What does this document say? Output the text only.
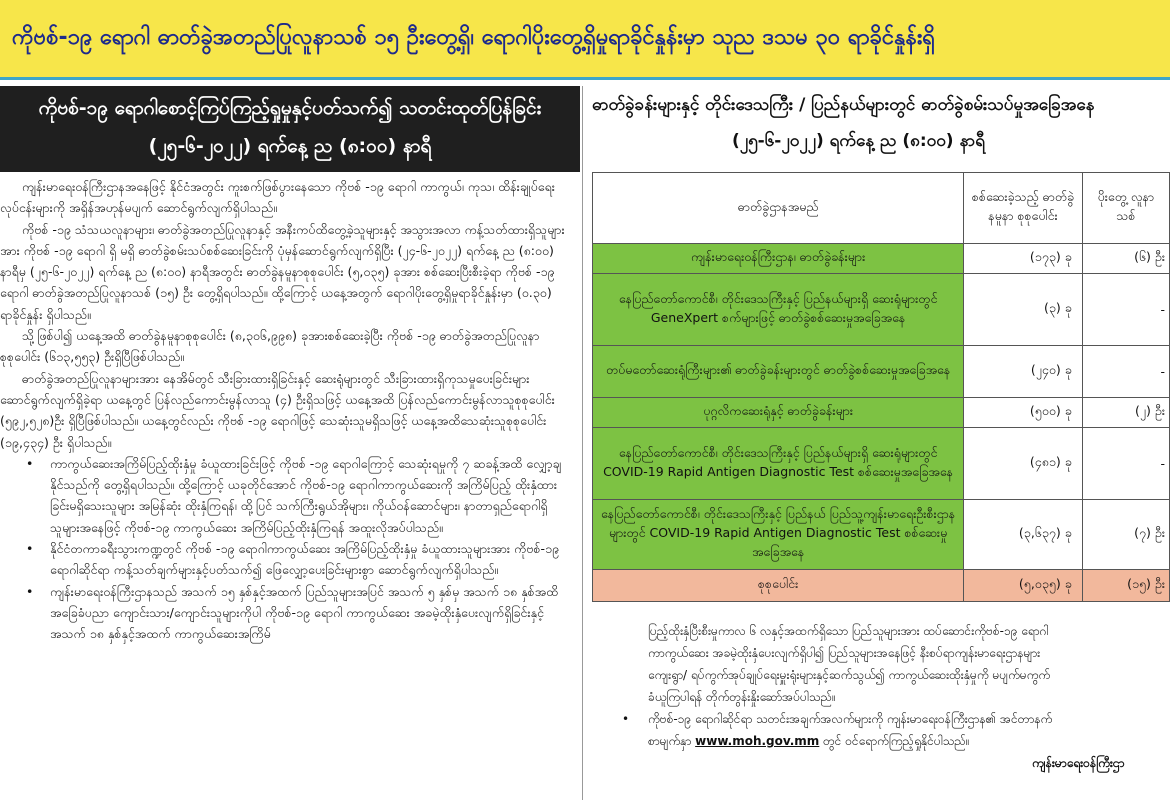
ကိုဗစ်-၁၉ ရောဂါ ဓာတ်ခွဲအတည်ပြုလူနာသစ် ၁၅ ဦးတွေ့ရှိ၊ ရောဂါပိုးတွေ့ရှိမှုရာခိုင်နှုန်းမှာ သုည ဒသမ ၃၀ ရာခိုင်နှုန်းရှိ
ကိုဗစ်-၁၉ ရောဂါစောင့်ကြပ်ကြည့်ရှုမှုနှင့်ပတ်သက်၍ သတင်းထုတ်ပြန်ခြင်း
(၂၅-၆-၂၀၂၂) ရက်နေ့ ည (၈:၀၀) နာရီ

ကျန်းမာရေးဝန်ကြီးဌာနအနေဖြင့် နိုင်ငံအတွင်း ကူးစက်ဖြစ်ပွားနေသော ကိုဗစ် -၁၉ ရောဂါ ကာကွယ်၊ ကုသ၊ ထိန်းချုပ်ရေးလုပ်ငန်းများကို အရှိန်အဟုန်မပျက် ဆောင်ရွက်လျက်ရှိပါသည်။

ကိုဗစ် -၁၉ သံသယလူနာများ၊ ဓာတ်ခွဲအတည်ပြုလူနာနှင့် အနီးကပ်ထိတွေ့ခဲ့သူများနှင့် အသွားအလာ ကန့်သတ်ထားရှိသူများအား ကိုဗစ် -၁၉ ရောဂါ ရှိ မရှိ ဓာတ်ခွဲစမ်းသပ်စစ်ဆေးခြင်းကို ပုံမှန်ဆောင်ရွက်လျက်ရှိပြီး (၂၄-၆-၂၀၂၂) ရက်နေ့ ည (၈:၀၀) နာရီမှ (၂၅-၆-၂၀၂၂) ရက်နေ့ ည (၈:၀၀) နာရီအတွင်း ဓာတ်ခွဲနမူနာစုစုပေါင်း (၅,၀၃၅) ခုအား စစ်ဆေးပြီးစီးခဲ့ရာ ကိုဗစ် -၁၉ ရောဂါ ဓာတ်ခွဲအတည်ပြုလူနာသစ် (၁၅) ဦး တွေ့ရှိရပါသည်။ ထို့ကြောင့် ယနေ့အတွက် ရောဂါပိုးတွေ့ရှိမှုရာခိုင်နှုန်းမှာ (၀.၃၀) ရာခိုင်နှုန်း ရှိပါသည်။

သို့ဖြစ်ပါ၍ ယနေ့အထိ ဓာတ်ခွဲနမူနာစုစုပေါင်း (၈,၃၀၆,၉၉၈) ခုအားစစ်ဆေးခဲ့ပြီး ကိုဗစ် -၁၉ ဓာတ်ခွဲအတည်ပြုလူနာစုစုပေါင်း (၆၁၃,၅၅၃) ဦးရှိပြီဖြစ်ပါသည်။

ဓာတ်ခွဲအတည်ပြုလူနာများအား နေအိမ်တွင် သီးခြားထားရှိခြင်းနှင့် ဆေးရုံများတွင် သီးခြားထားရှိကုသမှုပေးခြင်းများ ဆောင်ရွက်လျက်ရှိခဲ့ရာ ယနေ့တွင် ပြန်လည်ကောင်းမွန်လာသူ (၄) ဦးရှိသဖြင့် ယနေ့အထိ ပြန်လည်ကောင်းမွန်လာသူစုစုပေါင်း (၅၉၂,၅၂၈)ဦး ရှိပြီဖြစ်ပါသည်။ ယနေ့တွင်လည်း ကိုဗစ် -၁၉ ရောဂါဖြင့် သေဆုံးသူမရှိသဖြင့် ယနေ့အထိသေဆုံးသူစုစုပေါင်း (၁၉,၄၃၄) ဦး ရှိပါသည်။

• ကာကွယ်ဆေးအကြိမ်ပြည့်ထိုးနှံမှု ခံယူထားခြင်းဖြင့် ကိုဗစ် -၁၉ ရောဂါကြောင့် သေဆုံးရမှုကို ၇ ဆခန့်အထိ လျှော့ချနိုင်သည်ကို တွေ့ရှိရပါသည်။ ထို့ကြောင့် ယခုတိုင်အောင် ကိုဗစ်-၁၉ ရောဂါကာကွယ်ဆေးကို အကြိမ်ပြည့် ထိုးနှံထားခြင်းမရှိသေးသူများ အမြန်ဆုံး ထိုးနှံကြရန်၊ ထို့ပြင် သက်ကြီးရွယ်အိုများ၊ ကိုယ်ဝန်ဆောင်များ၊ နာတာရှည်ရောဂါရှိသူများအနေဖြင့် ကိုဗစ်-၁၉ ကာကွယ်ဆေး အကြိမ်ပြည့်ထိုးနှံကြရန် အထူးလိုအပ်ပါသည်။
• နိုင်ငံတကာခရီးသွားကဏ္ဍတွင် ကိုဗစ် -၁၉ ရောဂါကာကွယ်ဆေး အကြိမ်ပြည့်ထိုးနှံမှု ခံယူထားသူများအား ကိုဗစ်-၁၉ ရောဂါဆိုင်ရာ ကန့်သတ်ချက်များနှင့်ပတ်သက်၍ ဖြေလျှော့ပေးခြင်းများစွာ ဆောင်ရွက်လျက်ရှိပါသည်။
• ကျန်းမာရေးဝန်ကြီးဌာနသည် အသက် ၁၅ နှစ်နှင့်အထက် ပြည်သူများအပြင် အသက် ၅ နှစ်မှ အသက် ၁၈ နှစ်အထိ အခြေခံပညာ ကျောင်းသား/ကျောင်းသူများကိုပါ ကိုဗစ်-၁၉ ရောဂါ ကာကွယ်ဆေး အခမဲ့ထိုးနှံပေးလျက်ရှိခြင်းနှင့် အသက် ၁၈ နှစ်နှင့်အထက် ကာကွယ်ဆေးအကြိမ်
ဓာတ်ခွဲခန်းများနှင့် တိုင်းဒေသကြီး / ပြည်နယ်များတွင် ဓာတ်ခွဲစမ်းသပ်မှုအခြေအနေ
(၂၅-၆-၂၀၂၂) ရက်နေ့ ည (၈:၀၀) နာရီ
ဓာတ်ခွဲဌာနအမည်	စစ်ဆေးခဲ့သည့် ဓာတ်ခွဲနမူနာ စုစုပေါင်း	ပိုးတွေ့ လူနာသစ်
ကျန်းမာရေးဝန်ကြီးဌာန၊ ဓာတ်ခွဲခန်းများ	(၁၇၃) ခု	(၆) ဦး
နေပြည်တော်ကောင်စီ၊ တိုင်းဒေသကြီးနှင့် ပြည်နယ်များရှိ ဆေးရုံများတွင် GeneXpert စက်များဖြင့် ဓာတ်ခွဲစစ်ဆေးမှုအခြေအနေ	(၃) ခု	-
တပ်မတော်ဆေးရုံကြီးများ၏ ဓာတ်ခွဲခန်းများတွင် ဓာတ်ခွဲစစ်ဆေးမှုအခြေအနေ	(၂၄၀) ခု	-
ပုဂ္ဂလိကဆေးရုံနှင့် ဓာတ်ခွဲခန်းများ	(၅၀၀) ခု	(၂) ဦး
နေပြည်တော်ကောင်စီ၊ တိုင်းဒေသကြီးနှင့် ပြည်နယ်များရှိ ဆေးရုံများတွင် COVID-19 Rapid Antigen Diagnostic Test စစ်ဆေးမှုအခြေအနေ	(၄၈၁) ခု	-
နေပြည်တော်ကောင်စီ၊ တိုင်းဒေသကြီးနှင့် ပြည်နယ် ပြည်သူ့ကျန်းမာရေးဦးစီးဌာနများတွင် COVID-19 Rapid Antigen Diagnostic Test စစ်ဆေးမှုအခြေအနေ	(၃,၆၃၇) ခု	(၇) ဦး
စုစုပေါင်း	(၅,၀၃၅) ခု	(၁၅) ဦး

ပြည့်ထိုးနှံပြီးစီးမှုကာလ ၆ လနှင့်အထက်ရှိသော ပြည်သူများအား ထပ်ဆောင်းကိုဗစ်-၁၉ ရောဂါ

ကာကွယ်ဆေး အခမဲ့ထိုးနှံပေးလျက်ရှိပါ၍ ပြည်သူများအနေဖြင့် နီးစပ်ရာကျန်းမာရေးဌာနများ

ကျေးရွာ/ ရပ်ကွက်အုပ်ချုပ်ရေးမှူးရုံးများနှင့်ဆက်သွယ်၍ ကာကွယ်ဆေးထိုးနှံမှုကို မပျက်မကွက်

ခံယူကြပါရန် တိုက်တွန်းနှိုးဆော်အပ်ပါသည်။

• ကိုဗစ်-၁၉ ရောဂါဆိုင်ရာ သတင်းအချက်အလက်များကို ကျန်းမာရေးဝန်ကြီးဌာန၏ အင်တာနက်

စာမျက်နှာ www.moh.gov.mm တွင် ဝင်ရောက်ကြည့်ရှုနိုင်ပါသည်။

ကျန်းမာရေးဝန်ကြီးဌာ
